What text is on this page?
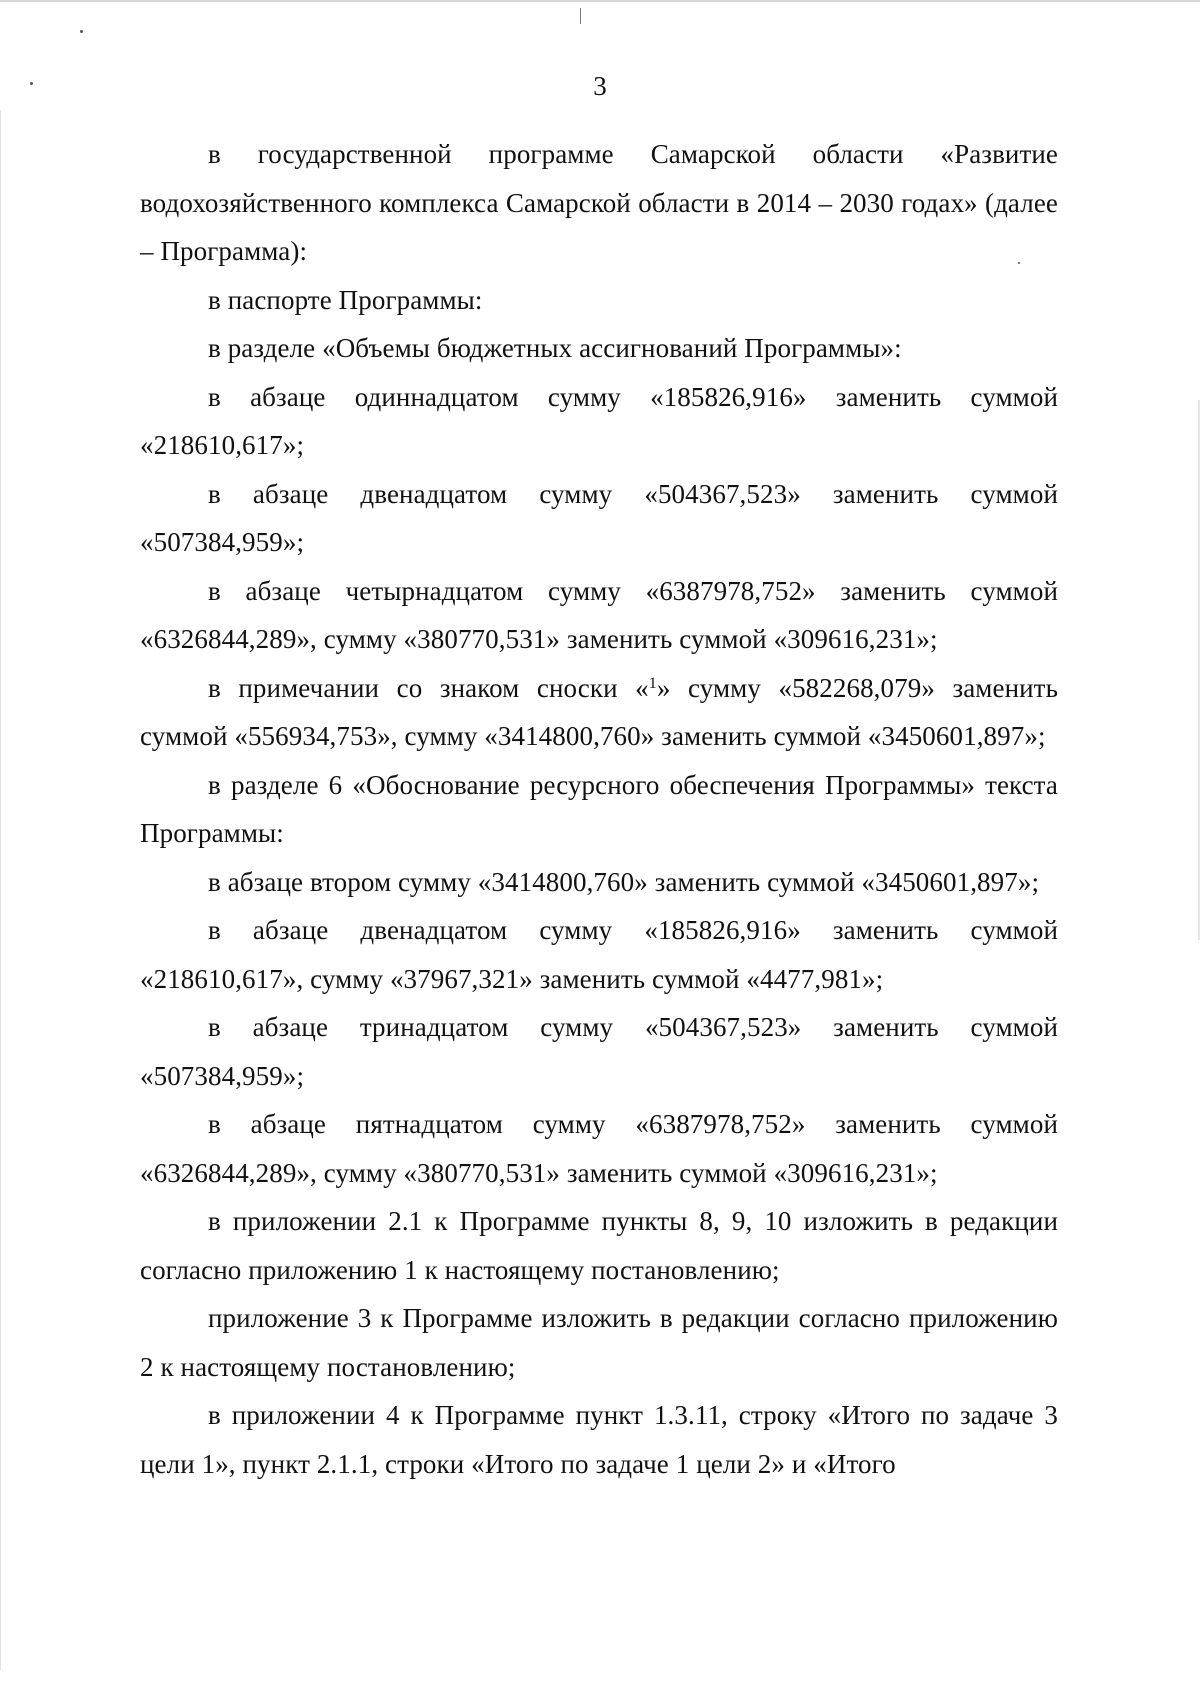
3

в государственной программе Самарской области «Развитие водохозяйственного комплекса Самарской области в 2014 – 2030 годах» (далее – Программа):

в паспорте Программы:

в разделе «Объемы бюджетных ассигнований Программы»:

в абзаце одиннадцатом сумму «185826,916» заменить суммой «218610,617»;

в абзаце двенадцатом сумму «504367,523» заменить суммой «507384,959»;

в абзаце четырнадцатом сумму «6387978,752» заменить суммой «6326844,289», сумму «380770,531» заменить суммой «309616,231»;

в примечании со знаком сноски «$^1$» сумму «582268,079» заменить суммой «556934,753», сумму «3414800,760» заменить суммой «3450601,897»;

в разделе 6 «Обоснование ресурсного обеспечения Программы» текста Программы:

в абзаце втором сумму «3414800,760» заменить суммой «3450601,897»;

в абзаце двенадцатом сумму «185826,916» заменить суммой «218610,617», сумму «37967,321» заменить суммой «4477,981»;

в абзаце тринадцатом сумму «504367,523» заменить суммой «507384,959»;

в абзаце пятнадцатом сумму «6387978,752» заменить суммой «6326844,289», сумму «380770,531» заменить суммой «309616,231»;

в приложении 2.1 к Программе пункты 8, 9, 10 изложить в редакции согласно приложению 1 к настоящему постановлению;

приложение 3 к Программе изложить в редакции согласно приложению 2 к настоящему постановлению;

в приложении 4 к Программе пункт 1.3.11, строку «Итого по задаче 3 цели 1», пункт 2.1.1, строки «Итого по задаче 1 цели 2» и «Итого
